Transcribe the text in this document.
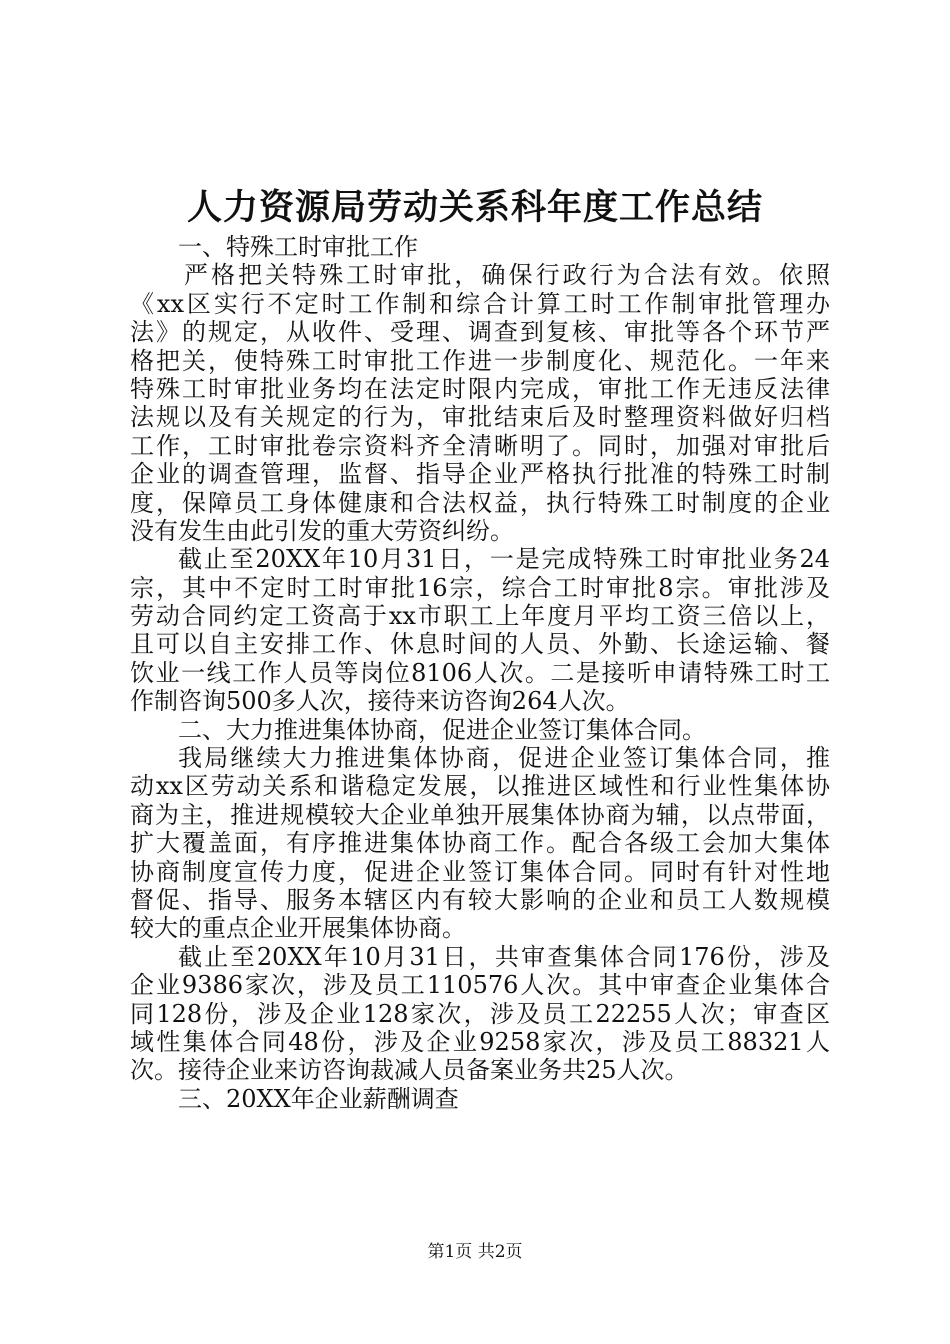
人力资源局劳动关系科年度工作总结
一、特殊工时审批工作
严格把关特殊工时审批，确保行政行为合法有效。依照
《xx区实行不定时工作制和综合计算工时工作制审批管理办
法》的规定，从收件、受理、调查到复核、审批等各个环节严
格把关，使特殊工时审批工作进一步制度化、规范化。一年来
特殊工时审批业务均在法定时限内完成，审批工作无违反法律
法规以及有关规定的行为，审批结束后及时整理资料做好归档
工作，工时审批卷宗资料齐全清晰明了。同时，加强对审批后
企业的调查管理，监督、指导企业严格执行批准的特殊工时制
度，保障员工身体健康和合法权益，执行特殊工时制度的企业
没有发生由此引发的重大劳资纠纷。
截止至20XX年10月31日，一是完成特殊工时审批业务24
宗，其中不定时工时审批16宗，综合工时审批8宗。审批涉及
劳动合同约定工资高于xx市职工上年度月平均工资三倍以上，
且可以自主安排工作、休息时间的人员、外勤、长途运输、餐
饮业一线工作人员等岗位8106人次。二是接听申请特殊工时工
作制咨询500多人次，接待来访咨询264人次。
二、大力推进集体协商，促进企业签订集体合同。
我局继续大力推进集体协商，促进企业签订集体合同，推
动xx区劳动关系和谐稳定发展，以推进区域性和行业性集体协
商为主，推进规模较大企业单独开展集体协商为辅，以点带面，
扩大覆盖面，有序推进集体协商工作。配合各级工会加大集体
协商制度宣传力度，促进企业签订集体合同。同时有针对性地
督促、指导、服务本辖区内有较大影响的企业和员工人数规模
较大的重点企业开展集体协商。
截止至20XX年10月31日，共审查集体合同176份，涉及
企业9386家次，涉及员工110576人次。其中审查企业集体合
同128份，涉及企业128家次，涉及员工22255人次；审查区
域性集体合同48份，涉及企业9258家次，涉及员工88321人
次。接待企业来访咨询裁减人员备案业务共25人次。
三、20XX年企业薪酬调查
第1页 共2页
